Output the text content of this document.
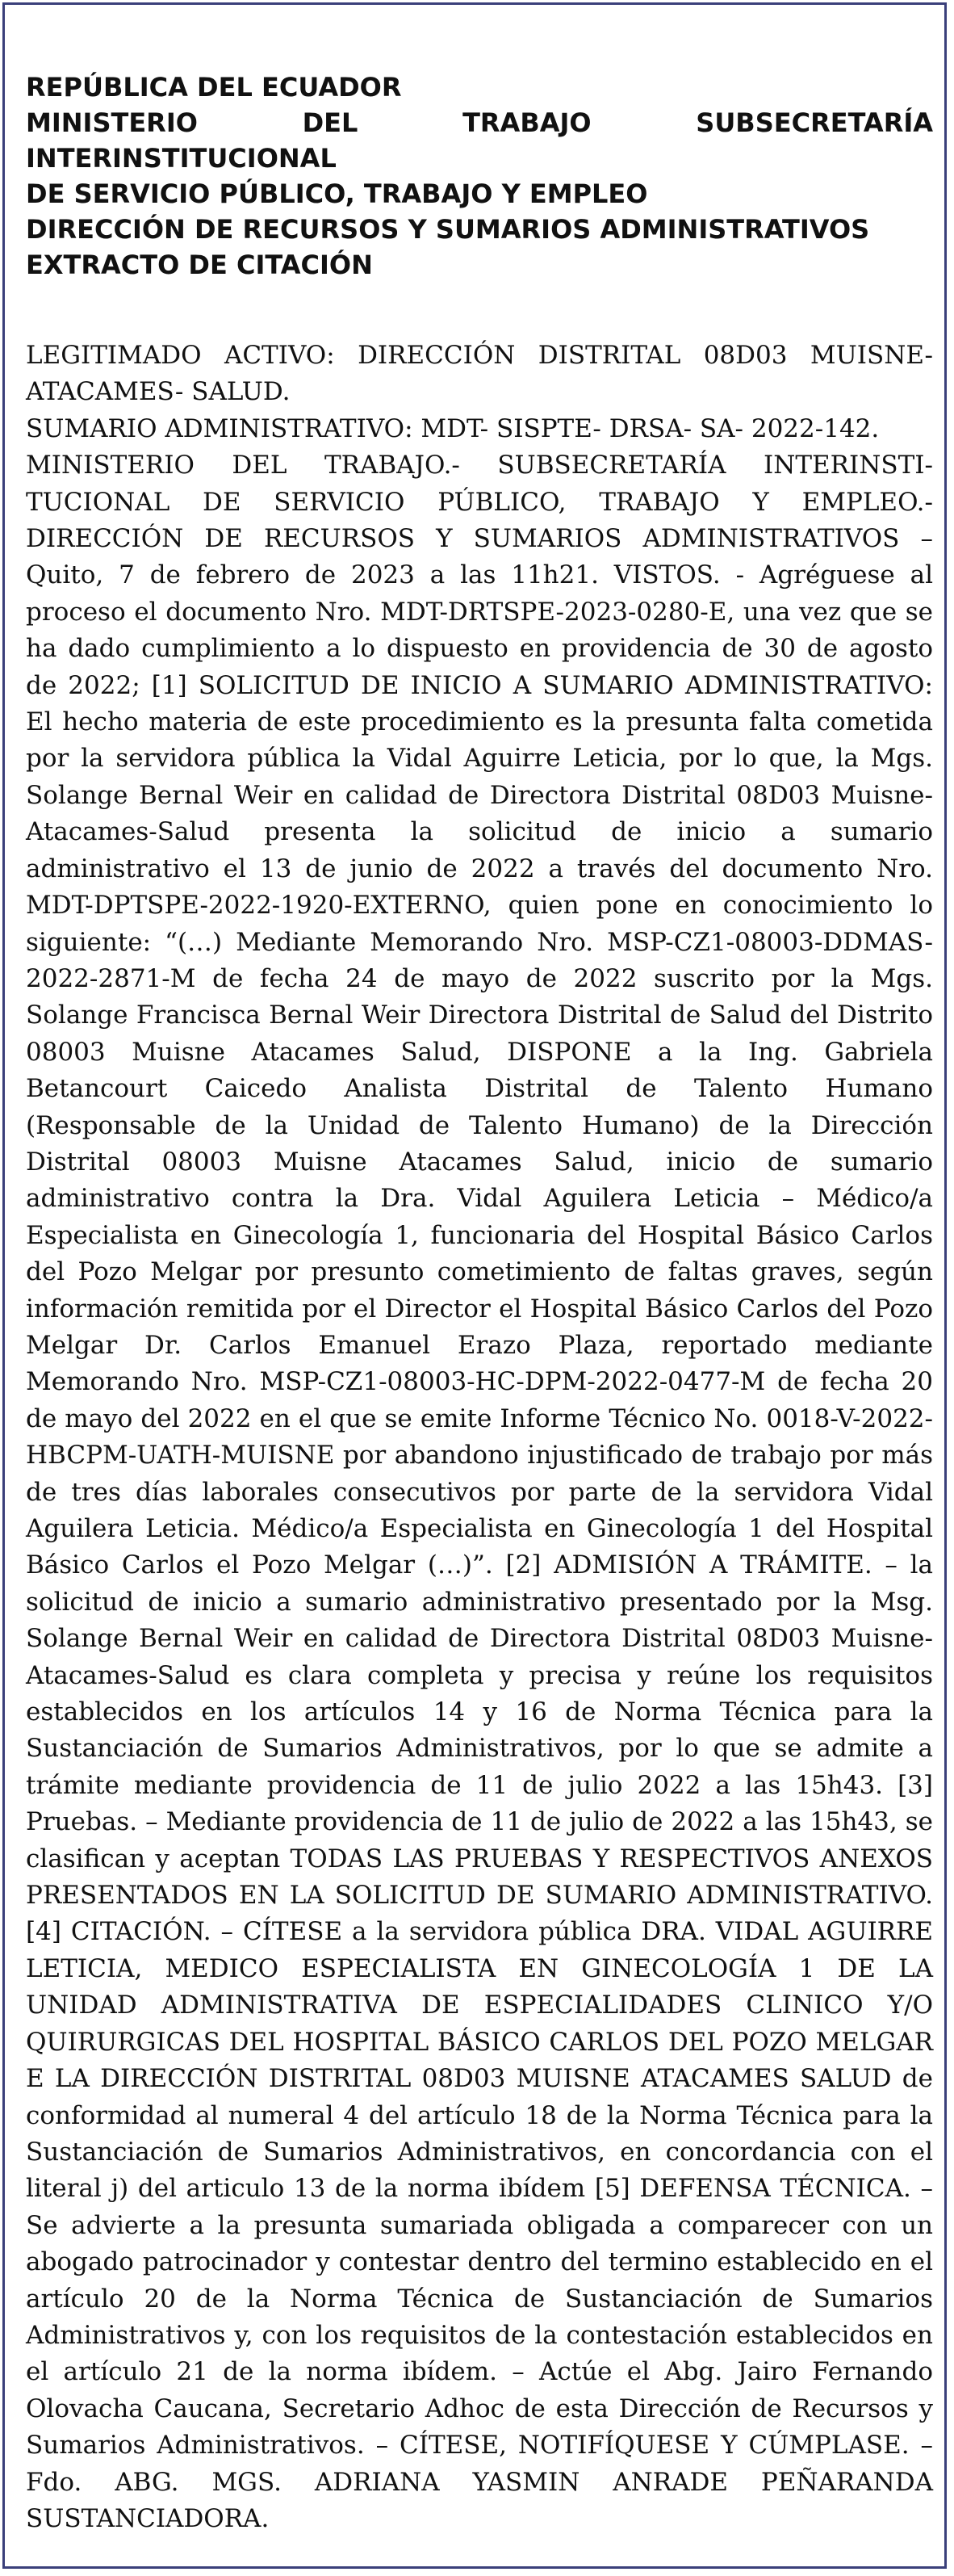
REPÚBLICA DEL ECUADOR

MINISTERIO DEL TRABAJO SUBSECRETARÍA INTERINSTITUCIONAL

DE SERVICIO PÚBLICO, TRABAJO Y EMPLEO

DIRECCIÓN DE RECURSOS Y SUMARIOS ADMINISTRATIVOS

EXTRACTO DE CITACIÓN

LEGITIMADO ACTIVO: DIRECCIÓN DISTRITAL 08D03 MUISNE- ATACAMES- SALUD.

SUMARIO ADMINISTRATIVO: MDT- SISPTE- DRSA- SA- 2022-142.

MINISTERIO DEL TRABAJO.- SUBSECRETARÍA INTERINSTITUCIONAL DE SERVICIO PÚBLICO, TRABAJO Y EMPLEO.- DIRECCIÓN DE RECURSOS Y SUMARIOS ADMINISTRATIVOS – Quito, 7 de febrero de 2023 a las 11h21. VISTOS. - Agréguese al proceso el documento Nro. MDT-DRTSPE-2023-0280-E, una vez que se ha dado cumplimiento a lo dispuesto en providencia de 30 de agosto de 2022; [1] SOLICITUD DE INICIO A SUMARIO ADMINISTRATIVO: El hecho materia de este procedimiento es la presunta falta cometida por la servidora pública la Vidal Aguirre Leticia, por lo que, la Mgs. Solange Bernal Weir en calidad de Directora Distrital 08D03 Muisne-Atacames-Salud presenta la solicitud de inicio a sumario administrativo el 13 de junio de 2022 a través del documento Nro. MDT-DPTSPE-2022-1920-EXTERNO, quien pone en conocimiento lo siguiente: “(…) Mediante Memorando Nro. MSP-CZ1-08003-DDMAS-2022-2871-M de fecha 24 de mayo de 2022 suscrito por la Mgs. Solange Francisca Bernal Weir Directora Distrital de Salud del Distrito 08003 Muisne Atacames Salud, DISPONE a la Ing. Gabriela Betancourt Caicedo Analista Distrital de Talento Humano (Responsable de la Unidad de Talento Humano) de la Dirección Distrital 08003 Muisne Atacames Salud, inicio de sumario administrativo contra la Dra. Vidal Aguilera Leticia – Médico/a Especialista en Ginecología 1, funcionaria del Hospital Básico Carlos del Pozo Melgar por presunto cometimiento de faltas graves, según información remitida por el Director el Hospital Básico Carlos del Pozo Melgar Dr. Carlos Emanuel Erazo Plaza, reportado mediante Memorando Nro. MSP-CZ1-08003-HC-DPM-2022-0477-M de fecha 20 de mayo del 2022 en el que se emite Informe Técnico No. 0018-V-2022-HBCPM-UATH-MUISNE por abandono injustificado de trabajo por más de tres días laborales consecutivos por parte de la servidora Vidal Aguilera Leticia. Médico/a Especialista en Ginecología 1 del Hospital Básico Carlos el Pozo Melgar (…)”. [2] ADMISIÓN A TRÁMITE. – la solicitud de inicio a sumario administrativo presentado por la Msg. Solange Bernal Weir en calidad de Directora Distrital 08D03 Muisne-Atacames-Salud es clara completa y precisa y reúne los requisitos establecidos en los artículos 14 y 16 de Norma Técnica para la Sustanciación de Sumarios Administrativos, por lo que se admite a trámite mediante providencia de 11 de julio 2022 a las 15h43. [3] Pruebas. – Mediante providencia de 11 de julio de 2022 a las 15h43, se clasifican y aceptan TODAS LAS PRUEBAS Y RESPECTIVOS ANEXOS PRESENTADOS EN LA SOLICITUD DE SUMARIO ADMINISTRATIVO. [4] CITACIÓN. – CÍTESE a la servidora pública DRA. VIDAL AGUIRRE LETICIA, MEDICO ESPECIALISTA EN GINECOLOGÍA 1 DE LA UNIDAD ADMINISTRATIVA DE ESPECIALIDADES CLINICO Y/O QUIRURGICAS DEL HOSPITAL BÁSICO CARLOS DEL POZO MELGAR E LA DIRECCIÓN DISTRITAL 08D03 MUISNE ATACAMES SALUD de conformidad al numeral 4 del artículo 18 de la Norma Técnica para la Sustanciación de Sumarios Administrativos, en concordancia con el literal j) del articulo 13 de la norma ibídem [5] DEFENSA TÉCNICA. – Se advierte a la presunta sumariada obligada a comparecer con un abogado patrocinador y contestar dentro del termino establecido en el artículo 20 de la Norma Técnica de Sustanciación de Sumarios Administrativos y, con los requisitos de la contestación establecidos en el artículo 21 de la norma ibídem. – Actúe el Abg. Jairo Fernando Olovacha Caucana, Secretario Adhoc de esta Dirección de Recursos y Sumarios Administrativos. – CÍTESE, NOTIFÍQUESE Y CÚMPLASE. – Fdo. ABG. MGS. ADRIANA YASMIN ANRADE PEÑARANDA SUSTANCIADORA.
